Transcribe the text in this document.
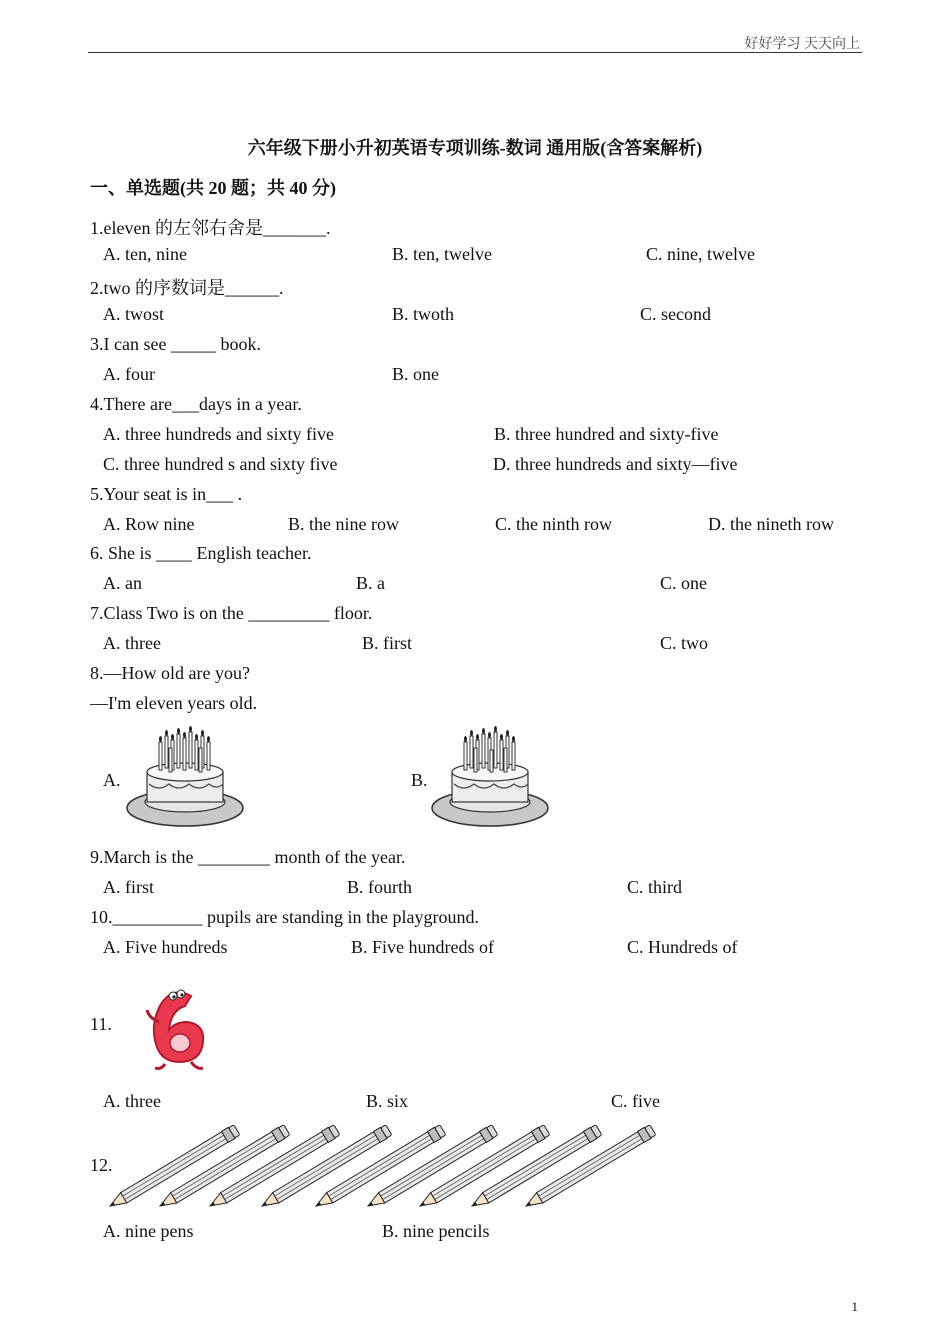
好好学习 天天向上
六年级下册小升初英语专项训练-数词 通用版(含答案解析)
一、单选题(共 20 题；共 40 分)
1.eleven 的左邻右舍是_______.
A. ten, nine	B. ten, twelve	C. nine, twelve
2.two 的序数词是______.
A. twost	B. twoth	C. second
3.I can see _____ book.
A. four	B. one
4.There are___days in a year.
A. three hundreds and sixty five	B. three hundred and sixty-five
C. three hundred s and sixty five	D. three hundreds and sixty—five
5.Your seat is in___ .
A. Row nine	B. the nine row	C. the ninth row	D. the nineth row
6. She is ____ English teacher.
A. an	B. a	C. one
7.Class Two is on the _________ floor.
A. three	B. first	C. two
8.—How old are you?
—I'm eleven years old.
A.	B.
9.March is the ________ month of the year.
A. first	B. fourth	C. third
10.__________ pupils are standing in the playground.
A. Five hundreds	B. Five hundreds of	C. Hundreds of
11.
A. three	B. six	C. five
12.
A. nine pens	B. nine pencils
1
